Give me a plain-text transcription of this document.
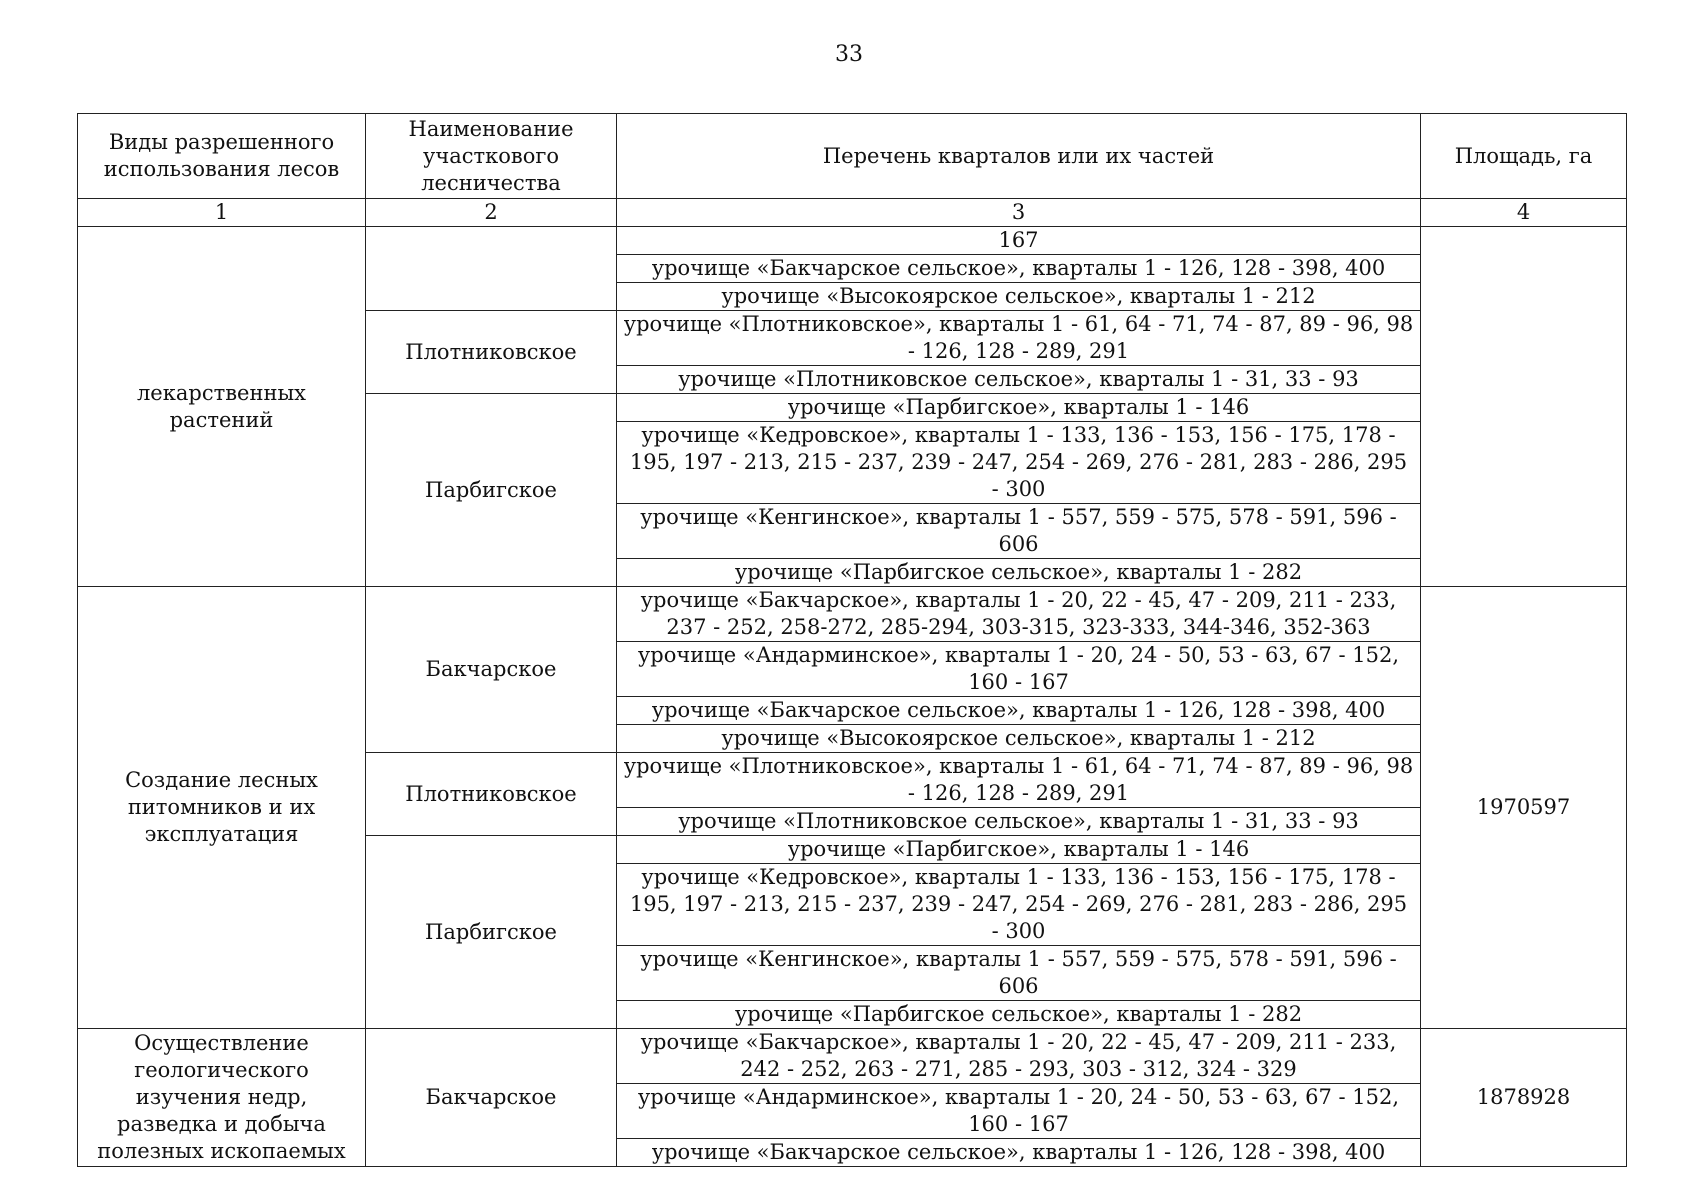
33
Виды разрешенного использования лесов	Наименование участкового лесничества	Перечень кварталов или их частей	Площадь, га
1	2	3	4
лекарственных растений		167	
		урочище «Бакчарское сельское», кварталы 1 - 126, 128 - 398, 400	
		урочище «Высокоярское сельское», кварталы 1 - 212	
	Плотниковское	урочище «Плотниковское», кварталы 1 - 61, 64 - 71, 74 - 87, 89 - 96, 98 - 126, 128 - 289, 291	
		урочище «Плотниковское сельское», кварталы 1 - 31, 33 - 93	
	Парбигское	урочище «Парбигское», кварталы 1 - 146	
		урочище «Кедровское», кварталы 1 - 133, 136 - 153, 156 - 175, 178 - 195, 197 - 213, 215 - 237, 239 - 247, 254 - 269, 276 - 281, 283 - 286, 295 - 300	
		урочище «Кенгинское», кварталы 1 - 557, 559 - 575, 578 - 591, 596 - 606	
		урочище «Парбигское сельское», кварталы 1 - 282	
Создание лесных питомников и их эксплуатация	Бакчарское	урочище «Бакчарское», кварталы 1 - 20, 22 - 45, 47 - 209, 211 - 233, 237 - 252, 258-272, 285-294, 303-315, 323-333, 344-346, 352-363	1970597
		урочище «Андарминское», кварталы 1 - 20, 24 - 50, 53 - 63, 67 - 152, 160 - 167	
		урочище «Бакчарское сельское», кварталы 1 - 126, 128 - 398, 400	
		урочище «Высокоярское сельское», кварталы 1 - 212	
	Плотниковское	урочище «Плотниковское», кварталы 1 - 61, 64 - 71, 74 - 87, 89 - 96, 98 - 126, 128 - 289, 291	
		урочище «Плотниковское сельское», кварталы 1 - 31, 33 - 93	
	Парбигское	урочище «Парбигское», кварталы 1 - 146	
		урочище «Кедровское», кварталы 1 - 133, 136 - 153, 156 - 175, 178 - 195, 197 - 213, 215 - 237, 239 - 247, 254 - 269, 276 - 281, 283 - 286, 295 - 300	
		урочище «Кенгинское», кварталы 1 - 557, 559 - 575, 578 - 591, 596 - 606	
		урочище «Парбигское сельское», кварталы 1 - 282	
Осуществление геологического изучения недр, разведка и добыча полезных ископаемых	Бакчарское	урочище «Бакчарское», кварталы 1 - 20, 22 - 45, 47 - 209, 211 - 233, 242 - 252, 263 - 271, 285 - 293, 303 - 312, 324 - 329	1878928
		урочище «Андарминское», кварталы 1 - 20, 24 - 50, 53 - 63, 67 - 152, 160 - 167	
		урочище «Бакчарское сельское», кварталы 1 - 126, 128 - 398, 400	
